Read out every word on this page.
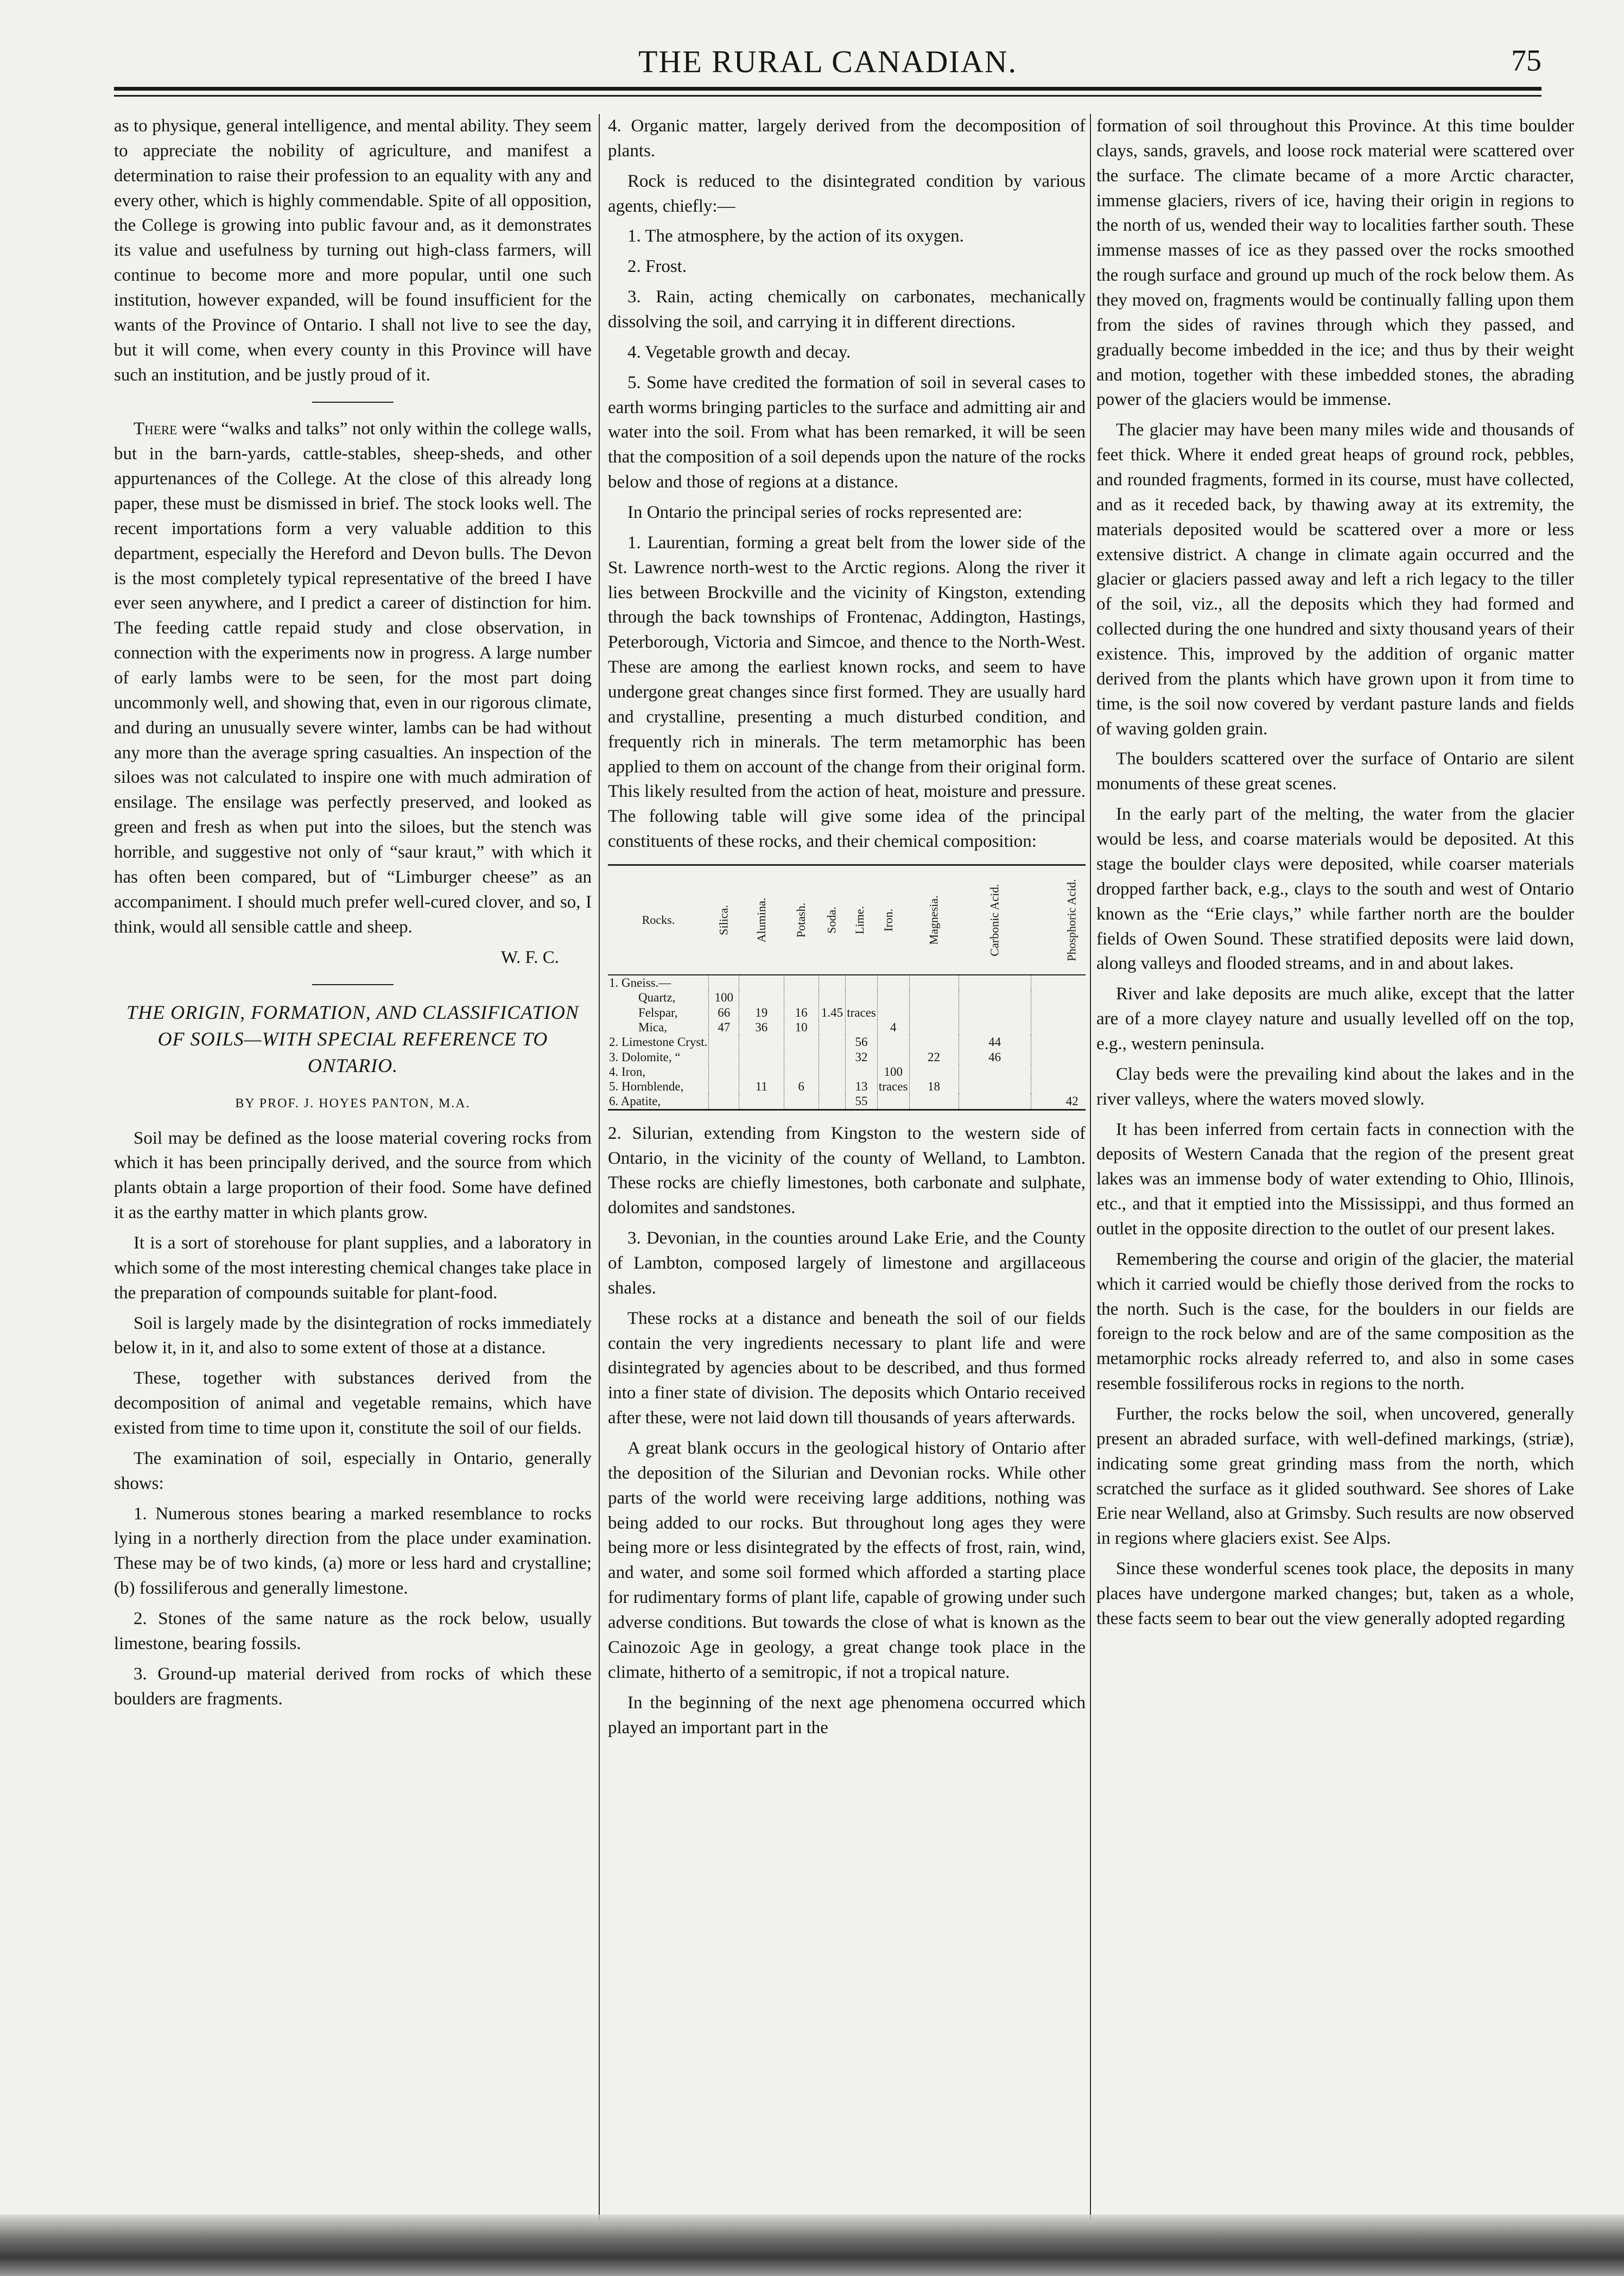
THE RURAL CANADIAN.	75

as to physique, general intelligence, and mental ability. They seem to appreciate the nobility of agriculture, and manifest a determination to raise their profession to an equality with any and every other, which is highly commendable. Spite of all opposition, the College is growing into public favour and, as it demonstrates its value and usefulness by turning out high-class farmers, will continue to become more and more popular, until one such institution, however expanded, will be found insufficient for the wants of the Province of Ontario. I shall not live to see the day, but it will come, when every county in this Province will have such an institution, and be justly proud of it.

There were “walks and talks” not only within the college walls, but in the barn-yards, cattle-stables, sheep-sheds, and other appurtenances of the College. At the close of this already long paper, these must be dismissed in brief. The stock looks well. The recent importations form a very valuable addition to this department, especially the Hereford and Devon bulls. The Devon is the most completely typical representative of the breed I have ever seen anywhere, and I predict a career of distinction for him. The feeding cattle repaid study and close observation, in connection with the experiments now in progress. A large number of early lambs were to be seen, for the most part doing uncommonly well, and showing that, even in our rigorous climate, and during an unusually severe winter, lambs can be had without any more than the average spring casualties. An inspection of the siloes was not calculated to inspire one with much admiration of ensilage. The ensilage was perfectly preserved, and looked as green and fresh as when put into the siloes, but the stench was horrible, and suggestive not only of “saur kraut,” with which it has often been compared, but of “Limburger cheese” as an accompaniment. I should much prefer well-cured clover, and so, I think, would all sensible cattle and sheep.

W. F. C.
THE ORIGIN, FORMATION, AND CLASSIFICATION OF SOILS—WITH SPECIAL REFERENCE TO ONTARIO.
BY PROF. J. HOYES PANTON, M.A.

Soil may be defined as the loose material covering rocks from which it has been principally derived, and the source from which plants obtain a large proportion of their food. Some have defined it as the earthy matter in which plants grow.

It is a sort of storehouse for plant supplies, and a laboratory in which some of the most interesting chemical changes take place in the preparation of compounds suitable for plant-food.

Soil is largely made by the disintegration of rocks immediately below it, in it, and also to some extent of those at a distance.

These, together with substances derived from the decomposition of animal and vegetable remains, which have existed from time to time upon it, constitute the soil of our fields.

The examination of soil, especially in Ontario, generally shows:

1. Numerous stones bearing a marked resemblance to rocks lying in a northerly direction from the place under examination. These may be of two kinds, (a) more or less hard and crystalline; (b) fossiliferous and generally limestone.

2. Stones of the same nature as the rock below, usually limestone, bearing fossils.

3. Ground-up material derived from rocks of which these boulders are fragments.

4. Organic matter, largely derived from the decomposition of plants.

Rock is reduced to the disintegrated condition by various agents, chiefly:—

1. The atmosphere, by the action of its oxygen.

2. Frost.

3. Rain, acting chemically on carbonates, mechanically dissolving the soil, and carrying it in different directions.

4. Vegetable growth and decay.

5. Some have credited the formation of soil in several cases to earth worms bringing particles to the surface and admitting air and water into the soil. From what has been remarked, it will be seen that the composition of a soil depends upon the nature of the rocks below and those of regions at a distance.

In Ontario the principal series of rocks represented are:

1. Laurentian, forming a great belt from the lower side of the St. Lawrence north-west to the Arctic regions. Along the river it lies between Brockville and the vicinity of Kingston, extending through the back townships of Frontenac, Addington, Hastings, Peterborough, Victoria and Simcoe, and thence to the North-West. These are among the earliest known rocks, and seem to have undergone great changes since first formed. They are usually hard and crystalline, presenting a much disturbed condition, and frequently rich in minerals. The term metamorphic has been applied to them on account of the change from their original form. This likely resulted from the action of heat, moisture and pressure. The following table will give some idea of the principal constituents of these rocks, and their chemical composition:

Rocks.	Silica.	Alumina.	Potash.	Soda.	Lime.	Iron.	Magnesia.	Carbonic Acid.	Phosphoric Acid.
1. Gneiss.—									
Quartz,	100								
Felspar,	66	19	16	1.45	traces				
Mica,	47	36	10			4			
2. Limestone Cryst.					56			44	
3. Dolomite, “					32		22	46	
4. Iron,						100			
5. Hornblende,		11	6		13	traces	18		
6. Apatite,					55				42

2. Silurian, extending from Kingston to the western side of Ontario, in the vicinity of the county of Welland, to Lambton. These rocks are chiefly limestones, both carbonate and sulphate, dolomites and sandstones.

3. Devonian, in the counties around Lake Erie, and the County of Lambton, composed largely of limestone and argillaceous shales.

These rocks at a distance and beneath the soil of our fields contain the very ingredients necessary to plant life and were disintegrated by agencies about to be described, and thus formed into a finer state of division. The deposits which Ontario received after these, were not laid down till thousands of years afterwards.

A great blank occurs in the geological history of Ontario after the deposition of the Silurian and Devonian rocks. While other parts of the world were receiving large additions, nothing was being added to our rocks. But throughout long ages they were being more or less disintegrated by the effects of frost, rain, wind, and water, and some soil formed which afforded a starting place for rudimentary forms of plant life, capable of growing under such adverse conditions. But towards the close of what is known as the Cainozoic Age in geology, a great change took place in the climate, hitherto of a semitropic, if not a tropical nature.

In the beginning of the next age phenomena occurred which played an important part in the

formation of soil throughout this Province. At this time boulder clays, sands, gravels, and loose rock material were scattered over the surface. The climate became of a more Arctic character, immense glaciers, rivers of ice, having their origin in regions to the north of us, wended their way to localities farther south. These immense masses of ice as they passed over the rocks smoothed the rough surface and ground up much of the rock below them. As they moved on, fragments would be continually falling upon them from the sides of ravines through which they passed, and gradually become imbedded in the ice; and thus by their weight and motion, together with these imbedded stones, the abrading power of the glaciers would be immense.

The glacier may have been many miles wide and thousands of feet thick. Where it ended great heaps of ground rock, pebbles, and rounded fragments, formed in its course, must have collected, and as it receded back, by thawing away at its extremity, the materials deposited would be scattered over a more or less extensive district. A change in climate again occurred and the glacier or glaciers passed away and left a rich legacy to the tiller of the soil, viz., all the deposits which they had formed and collected during the one hundred and sixty thousand years of their existence. This, improved by the addition of organic matter derived from the plants which have grown upon it from time to time, is the soil now covered by verdant pasture lands and fields of waving golden grain.

The boulders scattered over the surface of Ontario are silent monuments of these great scenes.

In the early part of the melting, the water from the glacier would be less, and coarse materials would be deposited. At this stage the boulder clays were deposited, while coarser materials dropped farther back, e.g., clays to the south and west of Ontario known as the “Erie clays,” while farther north are the boulder fields of Owen Sound. These stratified deposits were laid down, along valleys and flooded streams, and in and about lakes.

River and lake deposits are much alike, except that the latter are of a more clayey nature and usually levelled off on the top, e.g., western peninsula.

Clay beds were the prevailing kind about the lakes and in the river valleys, where the waters moved slowly.

It has been inferred from certain facts in connection with the deposits of Western Canada that the region of the present great lakes was an immense body of water extending to Ohio, Illinois, etc., and that it emptied into the Mississippi, and thus formed an outlet in the opposite direction to the outlet of our present lakes.

Remembering the course and origin of the glacier, the material which it carried would be chiefly those derived from the rocks to the north. Such is the case, for the boulders in our fields are foreign to the rock below and are of the same composition as the metamorphic rocks already referred to, and also in some cases resemble fossiliferous rocks in regions to the north.

Further, the rocks below the soil, when uncovered, generally present an abraded surface, with well-defined markings, (striæ), indicating some great grinding mass from the north, which scratched the surface as it glided southward. See shores of Lake Erie near Welland, also at Grimsby. Such results are now observed in regions where glaciers exist. See Alps.

Since these wonderful scenes took place, the deposits in many places have undergone marked changes; but, taken as a whole, these facts seem to bear out the view generally adopted regarding
